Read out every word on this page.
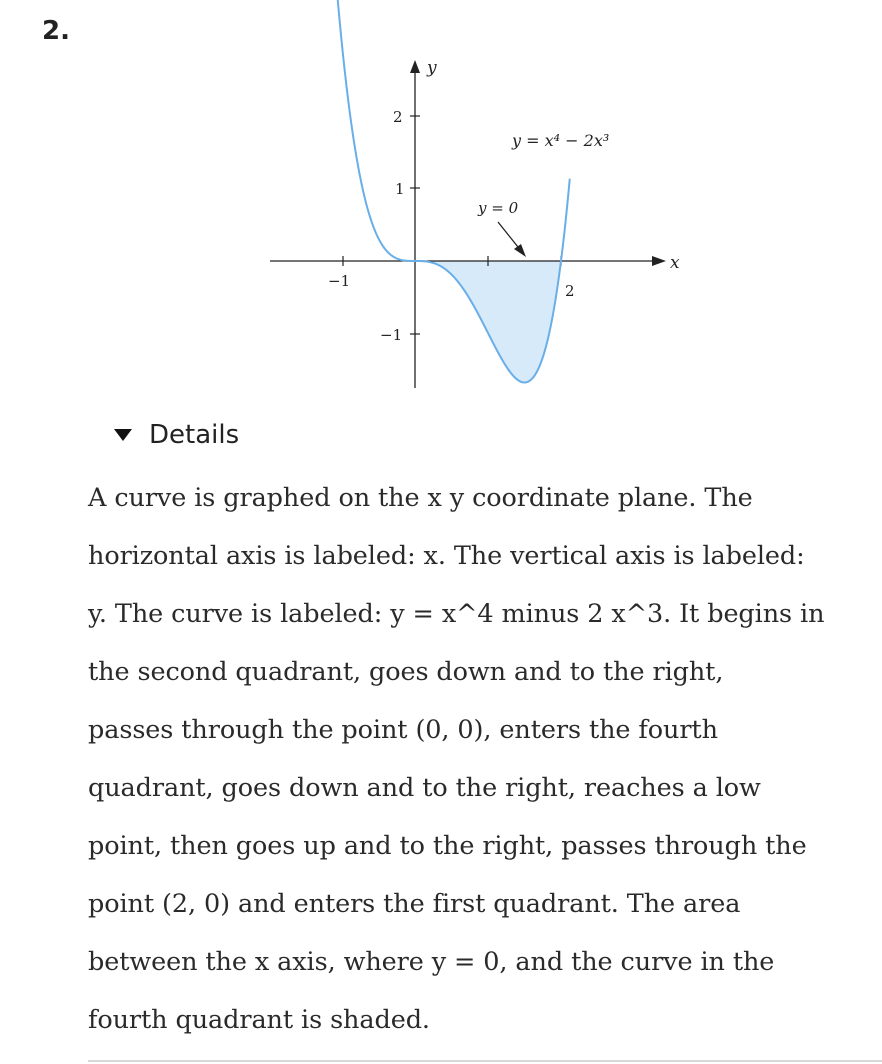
2.
y
x
y = x⁴ − 2x³
y = 0
−1
2
2
1
−1
Details
A curve is graphed on the x y coordinate plane. The
horizontal axis is labeled: x. The vertical axis is labeled:
y. The curve is labeled: y = x^4 minus 2 x^3. It begins in
the second quadrant, goes down and to the right,
passes through the point (0, 0), enters the fourth
quadrant, goes down and to the right, reaches a low
point, then goes up and to the right, passes through the
point (2, 0) and enters the first quadrant. The area
between the x axis, where y = 0, and the curve in the
fourth quadrant is shaded.
